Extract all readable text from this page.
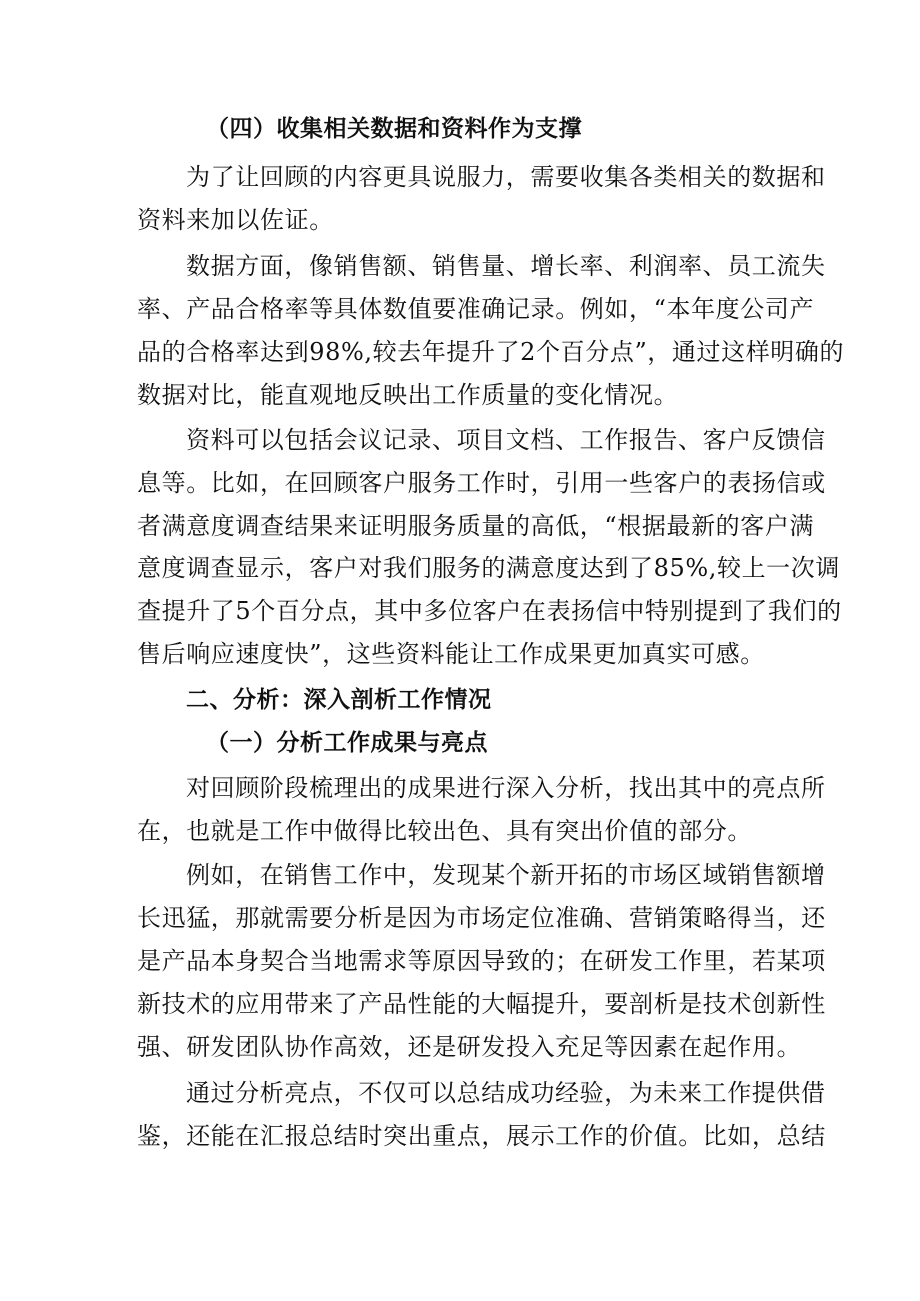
（四）收集相关数据和资料作为支撑
为了让回顾的内容更具说服力，需要收集各类相关的数据和
资料来加以佐证。
数据方面，像销售额、销售量、增长率、利润率、员工流失
率、产品合格率等具体数值要准确记录。例如，“本年度公司产
品的合格率达到98%,较去年提升了2个百分点”，通过这样明确的
数据对比，能直观地反映出工作质量的变化情况。
资料可以包括会议记录、项目文档、工作报告、客户反馈信
息等。比如，在回顾客户服务工作时，引用一些客户的表扬信或
者满意度调查结果来证明服务质量的高低，“根据最新的客户满
意度调查显示，客户对我们服务的满意度达到了85%,较上一次调
查提升了5个百分点，其中多位客户在表扬信中特别提到了我们的
售后响应速度快”，这些资料能让工作成果更加真实可感。
二、分析：深入剖析工作情况
（一）分析工作成果与亮点
对回顾阶段梳理出的成果进行深入分析，找出其中的亮点所
在，也就是工作中做得比较出色、具有突出价值的部分。
例如，在销售工作中，发现某个新开拓的市场区域销售额增
长迅猛，那就需要分析是因为市场定位准确、营销策略得当，还
是产品本身契合当地需求等原因导致的；在研发工作里，若某项
新技术的应用带来了产品性能的大幅提升，要剖析是技术创新性
强、研发团队协作高效，还是研发投入充足等因素在起作用。
通过分析亮点，不仅可以总结成功经验，为未来工作提供借
鉴，还能在汇报总结时突出重点，展示工作的价值。比如，总结
